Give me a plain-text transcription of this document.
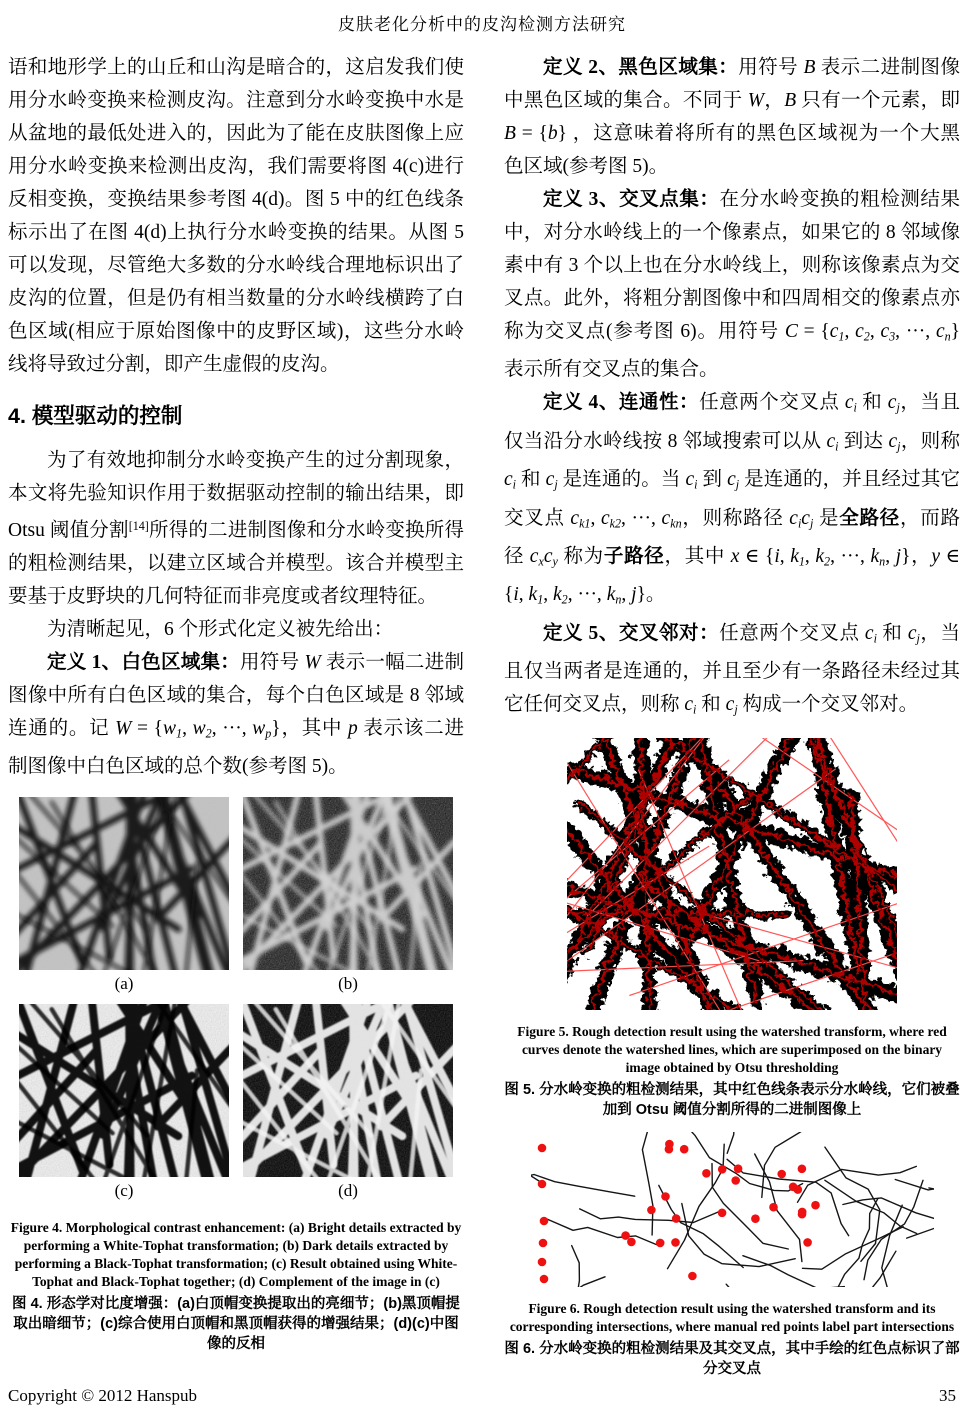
皮肤老化分析中的皮沟检测方法研究

语和地形学上的山丘和山沟是暗合的，这启发我们使用分水岭变换来检测皮沟。注意到分水岭变换中水是从盆地的最低处进入的，因此为了能在皮肤图像上应用分水岭变换来检测出皮沟，我们需要将图 4(c)进行反相变换，变换结果参考图 4(d)。图 5 中的红色线条标示出了在图 4(d)上执行分水岭变换的结果。从图 5 可以发现，尽管绝大多数的分水岭线合理地标识出了皮沟的位置，但是仍有相当数量的分水岭线横跨了白色区域(相应于原始图像中的皮野区域)，这些分水岭线将导致过分割，即产生虚假的皮沟。

4. 模型驱动的控制

为了有效地抑制分水岭变换产生的过分割现象，本文将先验知识作用于数据驱动控制的输出结果，即 Otsu 阈值分割[14]所得的二进制图像和分水岭变换所得的粗检测结果，以建立区域合并模型。该合并模型主要基于皮野块的几何特征而非亮度或者纹理特征。

为清晰起见，6 个形式化定义被先给出：

定义 1、白色区域集：用符号 W 表示一幅二进制图像中所有白色区域的集合，每个白色区域是 8 邻域连通的。记 W = {w1, w2, ···, wp}，其中 p 表示该二进制图像中白色区域的总个数(参考图 5)。

(a)	(b)
(c)	(d)
Figure 4. Morphological contrast enhancement: (a) Bright details extracted by performing a White-Tophat transformation; (b) Dark details extracted by performing a Black-Tophat transformation; (c) Result obtained using White-Tophat and Black-Tophat together; (d) Complement of the image in (c)
图 4. 形态学对比度增强：(a)白顶帽变换提取出的亮细节；(b)黑顶帽提取出暗细节；(c)综合使用白顶帽和黑顶帽获得的增强结果；(d)(c)中图像的反相

定义 2、黑色区域集：用符号 B 表示二进制图像中黑色区域的集合。不同于 W，B 只有一个元素，即 B = {b} ，这意味着将所有的黑色区域视为一个大黑色区域(参考图 5)。

定义 3、交叉点集：在分水岭变换的粗检测结果中，对分水岭线上的一个像素点，如果它的 8 邻域像素中有 3 个以上也在分水岭线上，则称该像素点为交叉点。此外，将粗分割图像中和四周相交的像素点亦称为交叉点(参考图 6)。用符号 C = {c1, c2, c3, ···, cn} 表示所有交叉点的集合。

定义 4、连通性：任意两个交叉点 ci 和 cj，当且仅当沿分水岭线按 8 邻域搜索可以从 ci 到达 cj，则称 ci 和 cj 是连通的。当 ci 到 cj 是连通的，并且经过其它交叉点 ck1, ck2, ···, ckn，则称路径 cicj 是全路径，而路径 cxcy 称为子路径，其中 x ∈ {i, k1, k2, ···, kn, j}，y ∈ {i, k1, k2, ···, kn, j}。

定义 5、交叉邻对：任意两个交叉点 ci 和 cj，当且仅当两者是连通的，并且至少有一条路径未经过其它任何交叉点，则称 ci 和 cj 构成一个交叉邻对。

Figure 5. Rough detection result using the watershed transform, where red curves denote the watershed lines, which are superimposed on the binary image obtained by Otsu thresholding
图 5. 分水岭变换的粗检测结果，其中红色线条表示分水岭线，它们被叠加到 Otsu 阈值分割所得的二进制图像上
Figure 6. Rough detection result using the watershed transform and its corresponding intersections, where manual red points label part intersections
图 6. 分水岭变换的粗检测结果及其交叉点，其中手绘的红色点标识了部分交叉点
Copyright © 2012 Hanspub	35
